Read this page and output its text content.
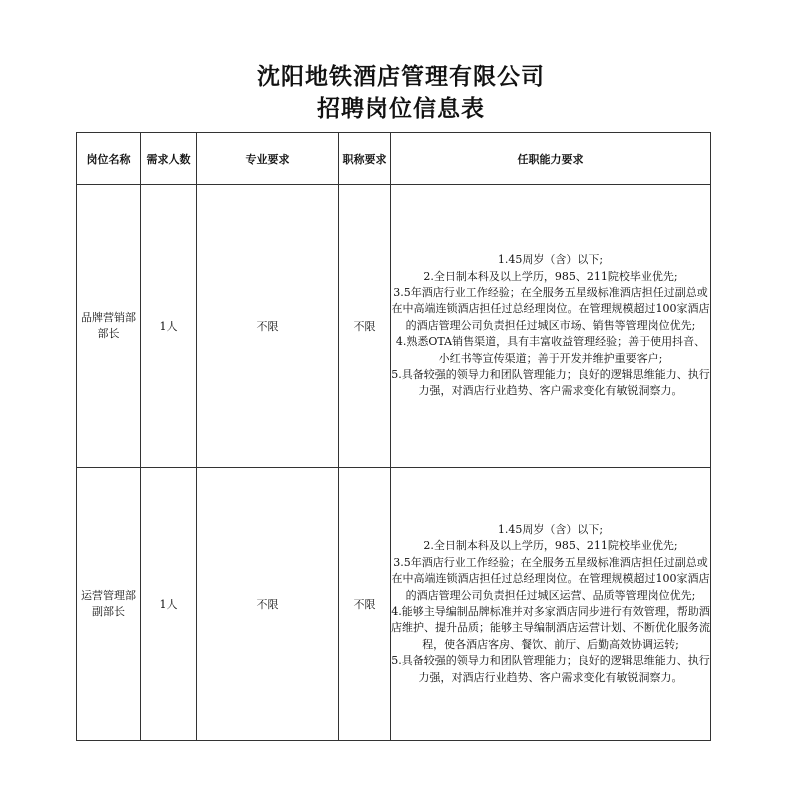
沈阳地铁酒店管理有限公司
招聘岗位信息表
岗位名称	需求人数	专业要求	职称要求	任职能力要求
品牌营销部部长	1人	不限	不限	1.45周岁（含）以下;
2.全日制本科及以上学历，985、211院校毕业优先;
3.5年酒店行业工作经验；在全服务五星级标准酒店担任过副总或在中高端连锁酒店担任过总经理岗位。在管理规模超过100家酒店的酒店管理公司负责担任过城区市场、销售等管理岗位优先;
4.熟悉OTA销售渠道，具有丰富收益管理经验；善于使用抖音、小红书等宣传渠道；善于开发并维护重要客户;
5.具备较强的领导力和团队管理能力；良好的逻辑思维能力、执行力强，对酒店行业趋势、客户需求变化有敏锐洞察力。

运营管理部副部长	1人	不限	不限	1.45周岁（含）以下;
2.全日制本科及以上学历，985、211院校毕业优先;
3.5年酒店行业工作经验；在全服务五星级标准酒店担任过副总或在中高端连锁酒店担任过总经理岗位。在管理规模超过100家酒店的酒店管理公司负责担任过城区运营、品质等管理岗位优先;
4.能够主导编制品牌标准并对多家酒店同步进行有效管理，帮助酒店维护、提升品质；能够主导编制酒店运营计划、不断优化服务流程，使各酒店客房、餐饮、前厅、后勤高效协调运转;
5.具备较强的领导力和团队管理能力；良好的逻辑思维能力、执行力强，对酒店行业趋势、客户需求变化有敏锐洞察力。
